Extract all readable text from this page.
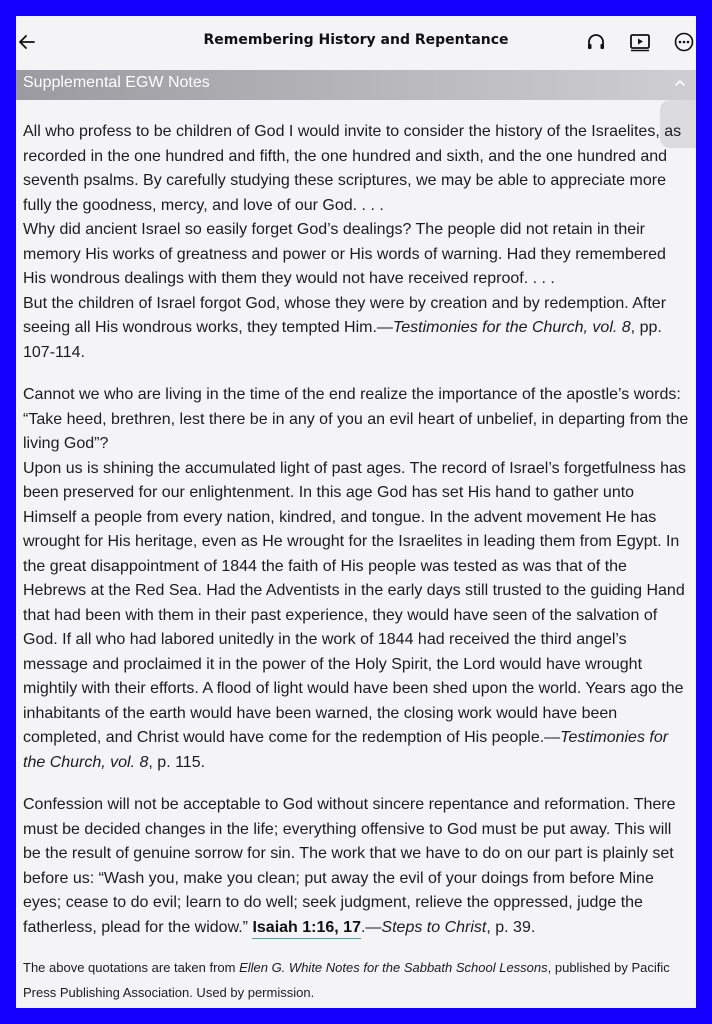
Remembering History and Repentance
Supplemental EGW Notes

All who profess to be children of God I would invite to consider the history of the Israelites, as recorded in the one hundred and fifth, the one hundred and sixth, and the one hundred and seventh psalms. By carefully studying these scriptures, we may be able to appreciate more fully the goodness, mercy, and love of our God. . . .
Why did ancient Israel so easily forget God’s dealings? The people did not retain in their memory His works of greatness and power or His words of warning. Had they remembered His wondrous dealings with them they would not have received reproof. . . .
But the children of Israel forgot God, whose they were by creation and by redemption. After seeing all His wondrous works, they tempted Him.—Testimonies for the Church, vol. 8, pp. 107-114.

Cannot we who are living in the time of the end realize the importance of the apostle’s words: “Take heed, brethren, lest there be in any of you an evil heart of unbelief, in departing from the living God”?
Upon us is shining the accumulated light of past ages. The record of Israel’s forgetfulness has been preserved for our enlightenment. In this age God has set His hand to gather unto Himself a people from every nation, kindred, and tongue. In the advent movement He has wrought for His heritage, even as He wrought for the Israelites in leading them from Egypt. In the great disappointment of 1844 the faith of His people was tested as was that of the Hebrews at the Red Sea. Had the Adventists in the early days still trusted to the guiding Hand that had been with them in their past experience, they would have seen of the salvation of God. If all who had labored unitedly in the work of 1844 had received the third angel’s message and proclaimed it in the power of the Holy Spirit, the Lord would have wrought mightily with their efforts. A flood of light would have been shed upon the world. Years ago the inhabitants of the earth would have been warned, the closing work would have been completed, and Christ would have come for the redemption of His people.—Testimonies for the Church, vol. 8, p. 115.

Confession will not be acceptable to God without sincere repentance and reformation. There must be decided changes in the life; everything offensive to God must be put away. This will be the result of genuine sorrow for sin. The work that we have to do on our part is plainly set before us: “Wash you, make you clean; put away the evil of your doings from before Mine eyes; cease to do evil; learn to do well; seek judgment, relieve the oppressed, judge the fatherless, plead for the widow.” Isaiah 1:16, 17.—Steps to Christ, p. 39.

The above quotations are taken from Ellen G. White Notes for the Sabbath School Lessons, published by Pacific Press Publishing Association. Used by permission.
